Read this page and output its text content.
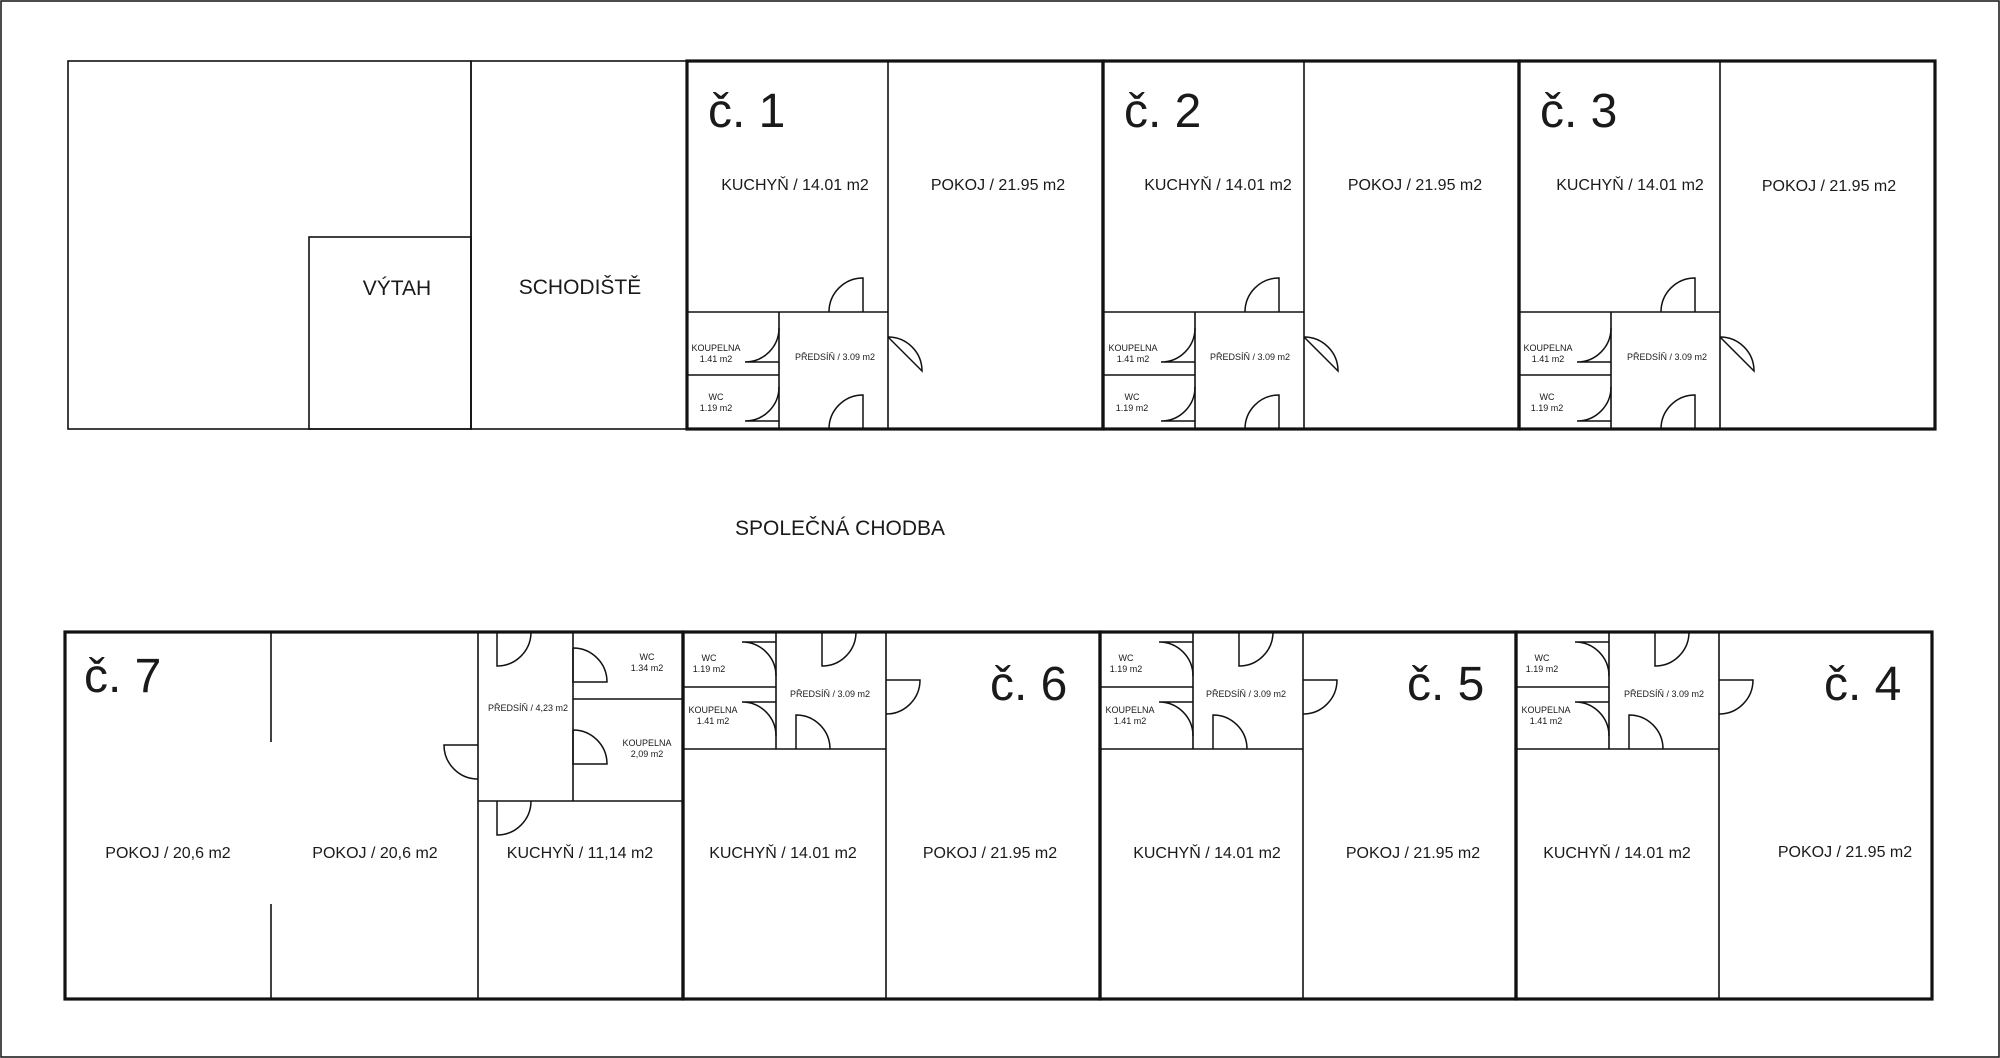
VÝTAH	SCHODIŠTĚ
SPOLEČNÁ CHODBA
č. 1
KUCHYŇ / 14.01 m2	POKOJ / 21.95 m2
PŘEDSÍŇ / 3.09 m2
KOUPELNA
1.41 m2
WC
1.19 m2
č. 2
KUCHYŇ / 14.01 m2	POKOJ / 21.95 m2
PŘEDSÍŇ / 3.09 m2
KOUPELNA
1.41 m2
WC
1.19 m2
č. 3
KUCHYŇ / 14.01 m2	POKOJ / 21.95 m2
PŘEDSÍŇ / 3.09 m2
KOUPELNA
1.41 m2
WC
1.19 m2
č. 7
POKOJ / 20,6 m2	POKOJ / 20,6 m2	KUCHYŇ / 11,14 m2
PŘEDSÍŇ / 4,23 m2
KOUPELNA
2,09 m2
WC
1.34 m2	č. 6
KUCHYŇ / 14.01 m2	POKOJ / 21.95 m2
PŘEDSÍŇ / 3.09 m2
KOUPELNA
1.41 m2
WC
1.19 m2	č. 5
KUCHYŇ / 14.01 m2	POKOJ / 21.95 m2
PŘEDSÍŇ / 3.09 m2
KOUPELNA
1.41 m2
WC
1.19 m2	č. 4
KUCHYŇ / 14.01 m2	POKOJ / 21.95 m2
PŘEDSÍŇ / 3.09 m2
KOUPELNA
1.41 m2
WC
1.19 m2
